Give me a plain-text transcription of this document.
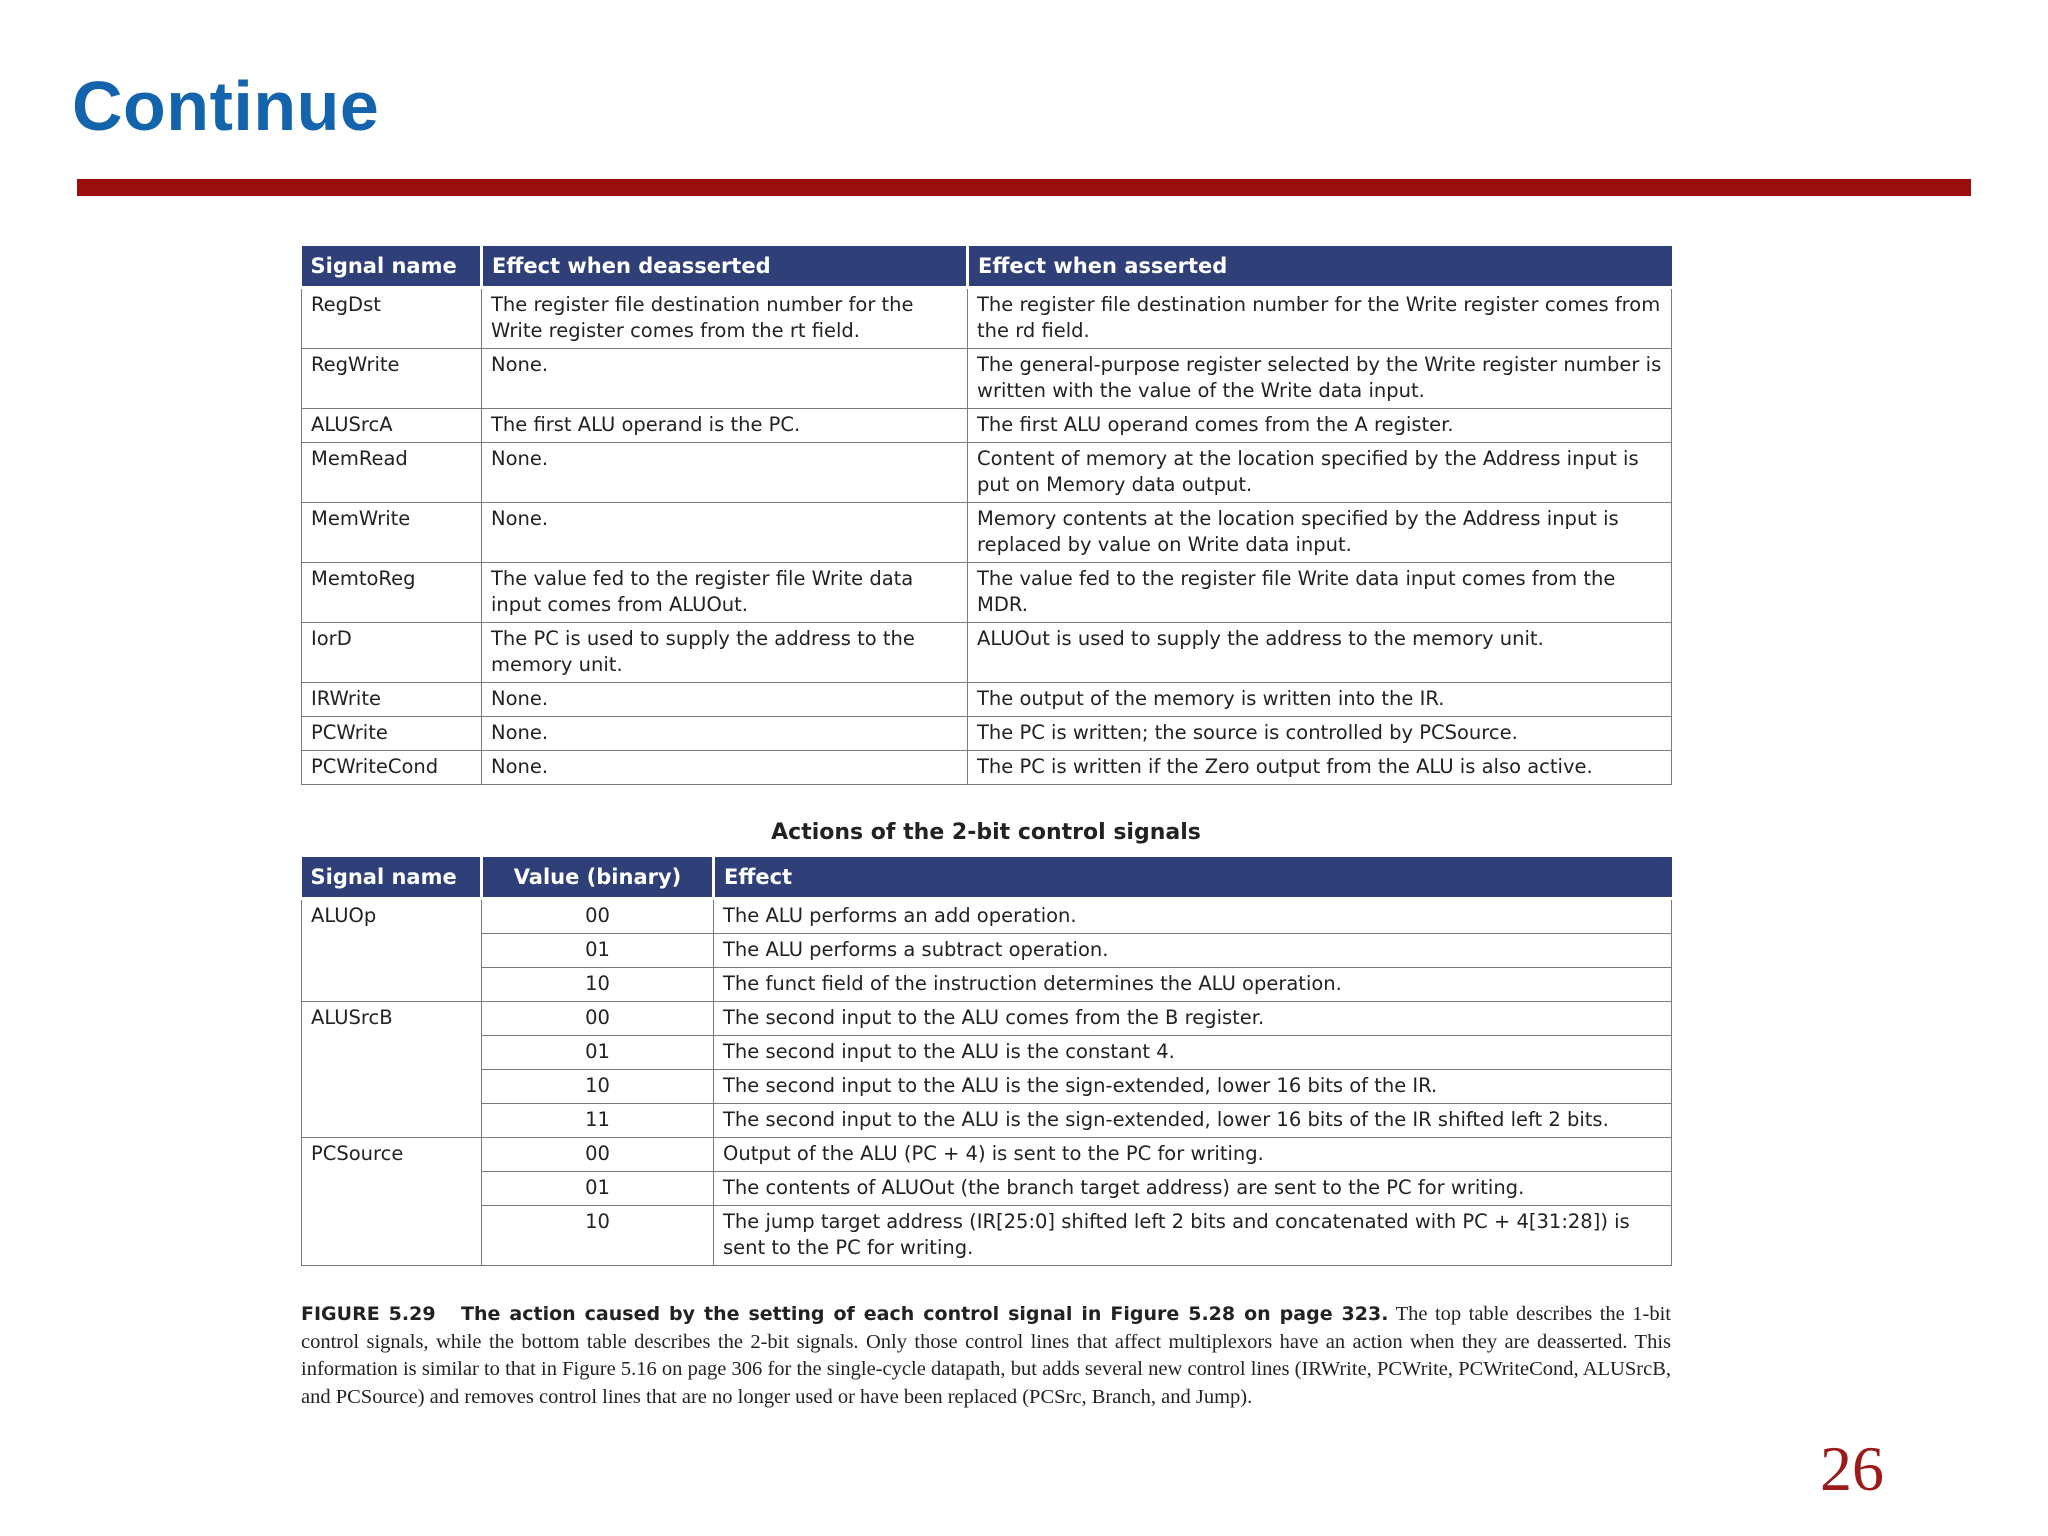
Continue
Signal name	Effect when deasserted	Effect when asserted
RegDst	The register file destination number for the Write register comes from the rt field.	The register file destination number for the Write register comes from the rd field.
RegWrite	None.	The general-purpose register selected by the Write register number is written with the value of the Write data input.
ALUSrcA	The first ALU operand is the PC.	The first ALU operand comes from the A register.
MemRead	None.	Content of memory at the location specified by the Address input is put on Memory data output.
MemWrite	None.	Memory contents at the location specified by the Address input is replaced by value on Write data input.
MemtoReg	The value fed to the register file Write data input comes from ALUOut.	The value fed to the register file Write data input comes from the MDR.
IorD	The PC is used to supply the address to the memory unit.	ALUOut is used to supply the address to the memory unit.
IRWrite	None.	The output of the memory is written into the IR.
PCWrite	None.	The PC is written; the source is controlled by PCSource.
PCWriteCond	None.	The PC is written if the Zero output from the ALU is also active.
Actions of the 2-bit control signals
Signal name	Value (binary)	Effect
ALUOp	00	The ALU performs an add operation.
	01	The ALU performs a subtract operation.
	10	The funct field of the instruction determines the ALU operation.
ALUSrcB	00	The second input to the ALU comes from the B register.
	01	The second input to the ALU is the constant 4.
	10	The second input to the ALU is the sign-extended, lower 16 bits of the IR.
	11	The second input to the ALU is the sign-extended, lower 16 bits of the IR shifted left 2 bits.
PCSource	00	Output of the ALU (PC + 4) is sent to the PC for writing.
	01	The contents of ALUOut (the branch target address) are sent to the PC for writing.
	10	The jump target address (IR[25:0] shifted left 2 bits and concatenated with PC + 4[31:28]) is sent to the PC for writing.
FIGURE 5.29 The action caused by the setting of each control signal in Figure 5.28 on page 323. The top table describes the 1-bit control signals, while the bottom table describes the 2-bit signals. Only those control lines that affect multiplexors have an action when they are deasserted. This information is similar to that in Figure 5.16 on page 306 for the single-cycle datapath, but adds several new control lines (IRWrite, PCWrite, PCWriteCond, ALUSrcB, and PCSource) and removes control lines that are no longer used or have been replaced (PCSrc, Branch, and Jump).
26
